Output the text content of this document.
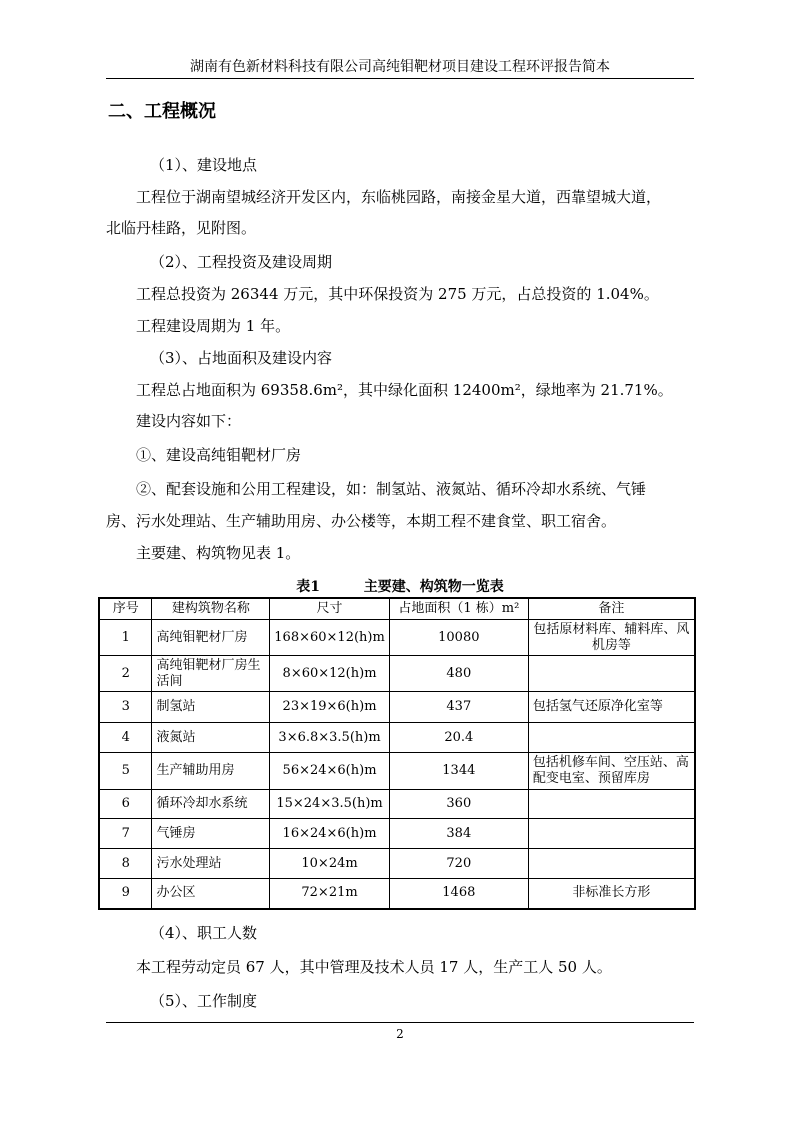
湖南有色新材料科技有限公司高纯钼靶材项目建设工程环评报告简本
二、工程概况
（1）、建设地点
工程位于湖南望城经济开发区内，东临桃园路，南接金星大道，西靠望城大道，
北临丹桂路，见附图。
（2）、工程投资及建设周期
工程总投资为 26344 万元，其中环保投资为 275 万元，占总投资的 1.04%。
工程建设周期为 1 年。
（3）、占地面积及建设内容
工程总占地面积为 69358.6m²，其中绿化面积 12400m²，绿地率为 21.71%。
建设内容如下：
①、建设高纯钼靶材厂房
②、配套设施和公用工程建设，如：制氢站、液氮站、循环冷却水系统、气锤
房、污水处理站、生产辅助用房、办公楼等，本期工程不建食堂、职工宿舍。
主要建、构筑物见表 1。
表1	主要建、构筑物一览表
序号	建构筑物名称	尺寸	占地面积（1 栋）m²	备注
1	高纯钼靶材厂房	168×60×12(h)m	10080	包括原材料库、辅料库、风机房等
2	高纯钼靶材厂房生活间	8×60×12(h)m	480	
3	制氢站	23×19×6(h)m	437	包括氢气还原净化室等
4	液氮站	3×6.8×3.5(h)m	20.4	
5	生产辅助用房	56×24×6(h)m	1344	包括机修车间、空压站、高配变电室、预留库房
6	循环冷却水系统	15×24×3.5(h)m	360	
7	气锤房	16×24×6(h)m	384	
8	污水处理站	10×24m	720	
9	办公区	72×21m	1468	非标准长方形
（4）、职工人数
本工程劳动定员 67 人，其中管理及技术人员 17 人，生产工人 50 人。
（5）、工作制度
2
